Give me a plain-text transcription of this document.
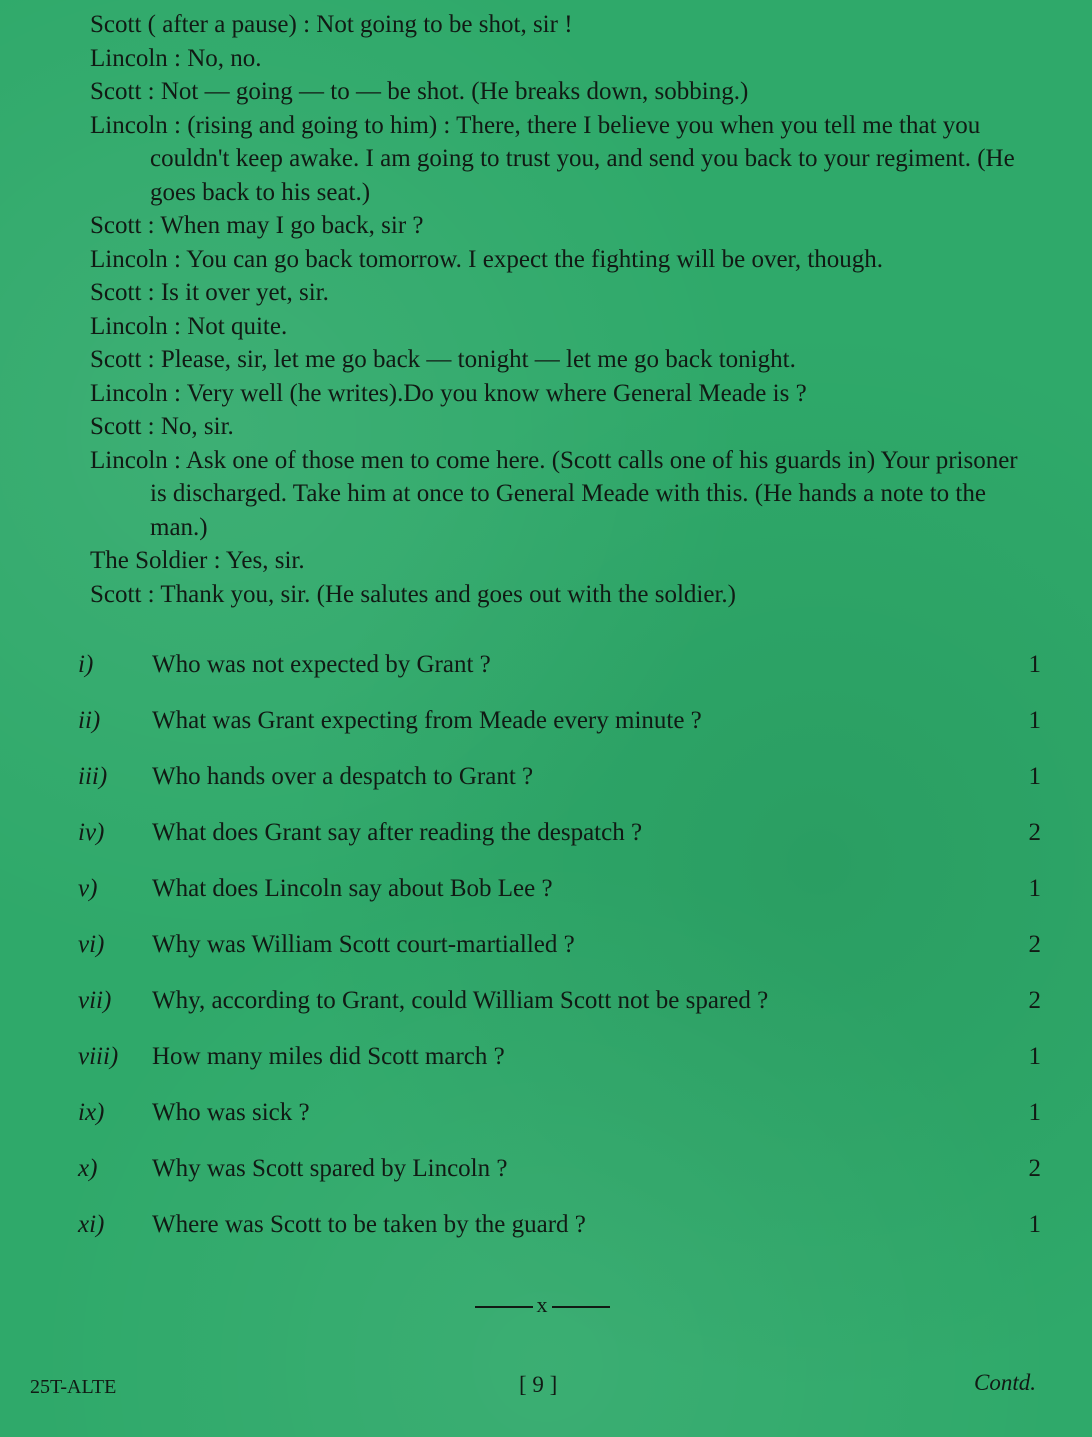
Scott ( after a pause) : Not going to be shot, sir !
Lincoln : No, no.
Scott : Not — going — to — be shot. (He breaks down, sobbing.)
Lincoln : (rising and going to him) : There, there I believe you when you tell me that you couldn't keep awake. I am going to trust you, and send you back to your regiment. (He goes back to his seat.)
Scott : When may I go back, sir ?
Lincoln : You can go back tomorrow. I expect the fighting will be over, though.
Scott : Is it over yet, sir.
Lincoln : Not quite.
Scott : Please, sir, let me go back — tonight — let me go back tonight.
Lincoln : Very well (he writes).Do you know where General Meade is ?
Scott : No, sir.
Lincoln : Ask one of those men to come here. (Scott calls one of his guards in) Your prisoner is discharged. Take him at once to General Meade with this. (He hands a note to the man.)
The Soldier : Yes, sir.
Scott : Thank you, sir. (He salutes and goes out with the soldier.)
i)	Who was not expected by Grant ?	1
ii)	What was Grant expecting from Meade every minute ?	1
iii)	Who hands over a despatch to Grant ?	1
iv)	What does Grant say after reading the despatch ?	2
v)	What does Lincoln say about Bob Lee ?	1
vi)	Why was William Scott court-martialled ?	2
vii)	Why, according to Grant, could William Scott not be spared ?	2
viii)	How many miles did Scott march ?	1
ix)	Who was sick ?	1
x)	Why was Scott spared by Lincoln ?	2
xi)	Where was Scott to be taken by the guard ?	1
x
25T-ALTE	[ 9 ]	Contd.
